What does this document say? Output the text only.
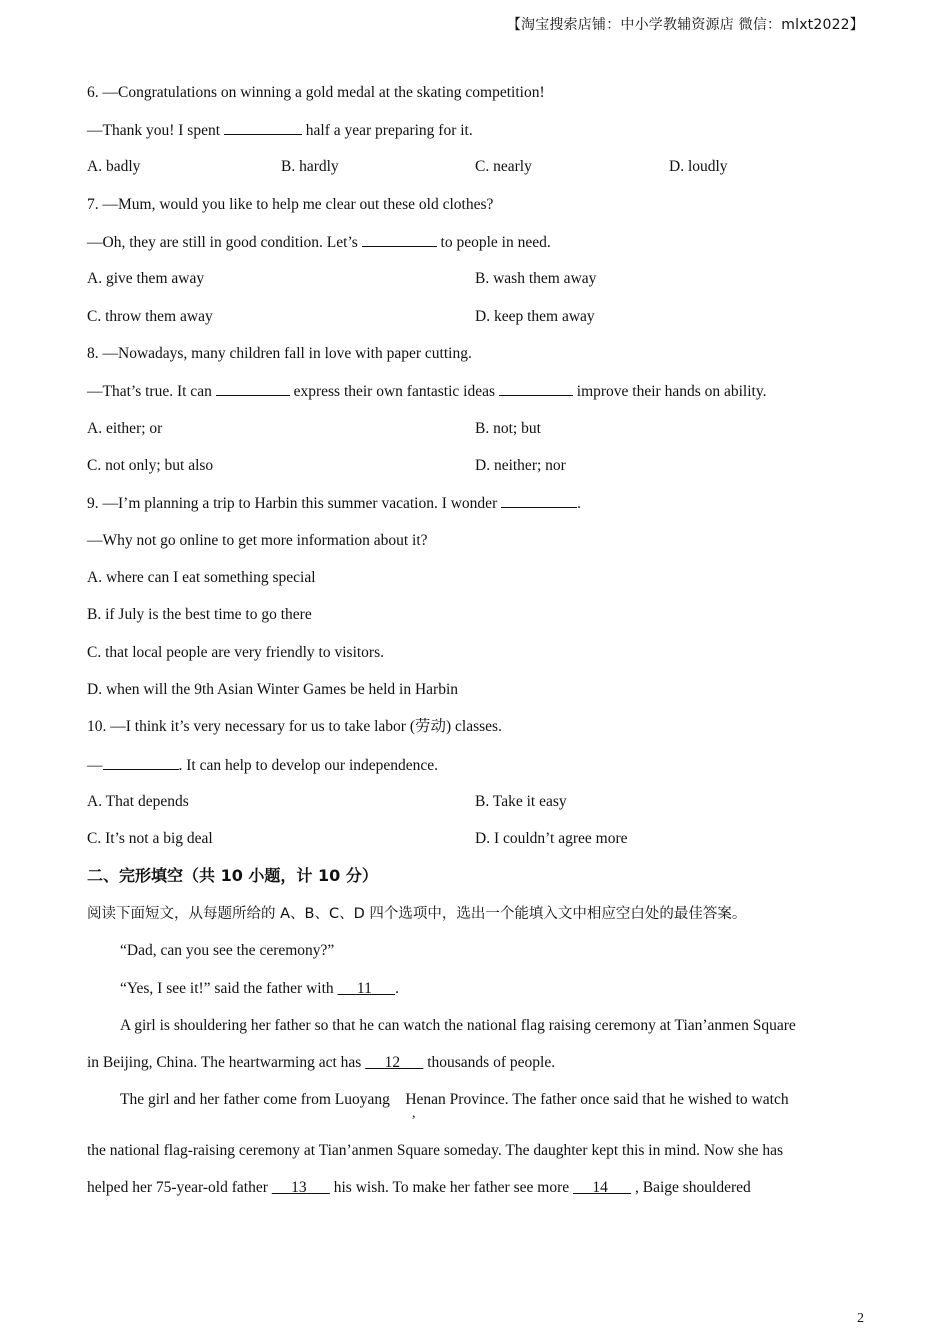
【淘宝搜索店铺：中小学教辅资源店 微信：mlxt2022】
6. —Congratulations on winning a gold medal at the skating competition!
—Thank you! I spent	half a year preparing for it.
A. badly	B. hardly	C. nearly	D. loudly
7. —Mum, would you like to help me clear out these old clothes?
—Oh, they are still in good condition. Let’s	to people in need.
A. give them away	B. wash them away
C. throw them away	D. keep them away
8. —Nowadays, many children fall in love with paper cutting.
—That’s true. It can	express their own fantastic ideas	improve their hands on ability.
A. either; or	B. not; but
C. not only; but also	D. neither; nor
9. —I’m planning a trip to Harbin this summer vacation. I wonder	.
—Why not go online to get more information about it?
A. where can I eat something special
B. if July is the best time to go there
C. that local people are very friendly to visitors.
D. when will the 9th Asian Winter Games be held in Harbin
10. —I think it’s very necessary for us to take labor (劳动) classes.
—	. It can help to develop our independence.
A. That depends	B. Take it easy
C. It’s not a big deal	D. I couldn’t agree more
二、完形填空（共 10 小题，计 10 分）
阅读下面短文，从每题所给的 A、B、C、D 四个选项中，选出一个能填入文中相应空白处的最佳答案。
“Dad, can you see the ceremony?”
“Yes, I see it!” said the father with 11 .
A girl is shouldering her father so that he can watch the national flag raising ceremony at Tian’anmen Square
in Beijing, China. The heartwarming act has 12 thousands of people.
The girl and her father come from Luoyang Henan Province. The father once said that he wished to watch
,
the national flag-raising ceremony at Tian’anmen Square someday. The daughter kept this in mind. Now she has
helped her 75-year-old father 13 his wish. To make her father see more 14 , Baige shouldered
2
